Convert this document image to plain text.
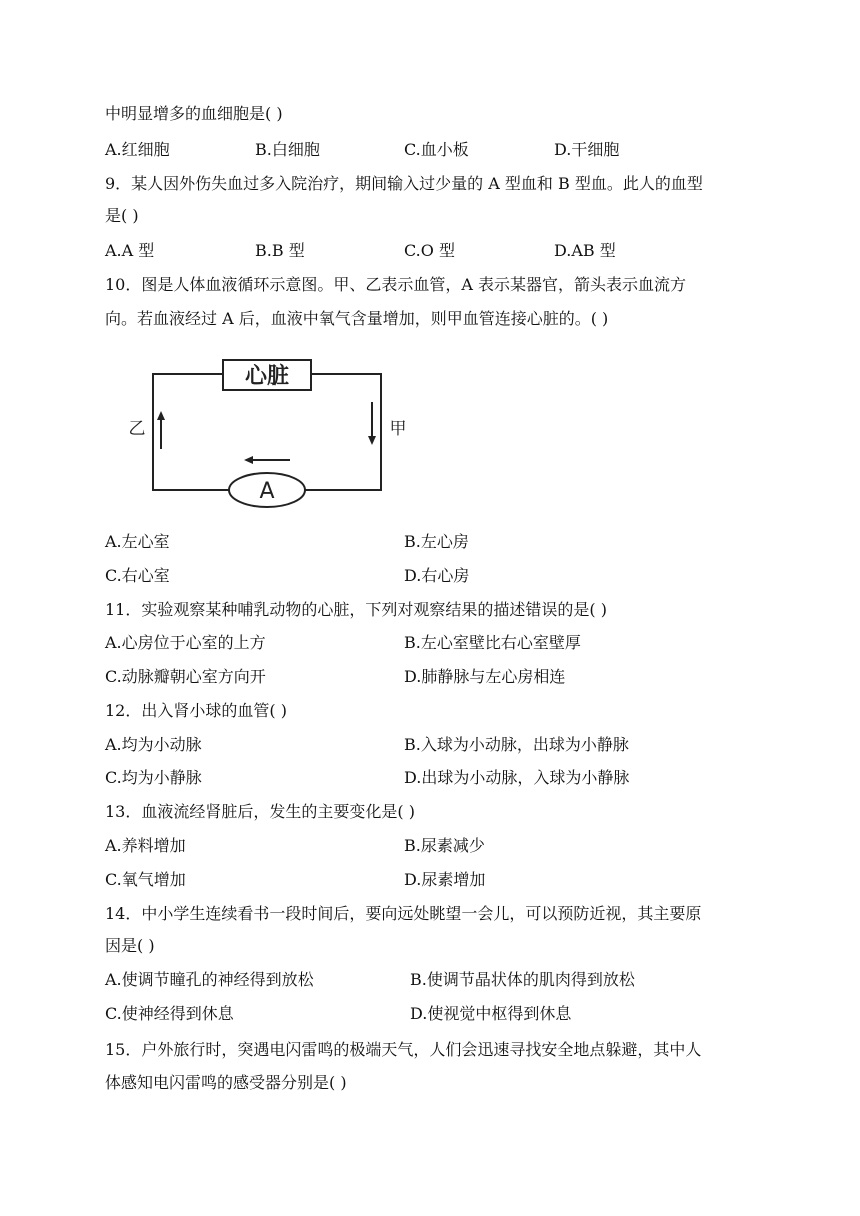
中明显增多的血细胞是( )
A.红细胞	B.白细胞	C.血小板	D.干细胞
9．某人因外伤失血过多入院治疗，期间输入过少量的 A 型血和 B 型血。此人的血型
是( )
A.A 型	B.B 型	C.O 型	D.AB 型
10．图是人体血液循环示意图。甲、乙表示血管，A 表示某器官，箭头表示血流方
向。若血液经过 A 后，血液中氧气含量增加，则甲血管连接心脏的。( )
心脏
A
乙	甲
A.左心室	B.左心房
C.右心室	D.右心房
11．实验观察某种哺乳动物的心脏，下列对观察结果的描述错误的是( )
A.心房位于心室的上方	B.左心室壁比右心室壁厚
C.动脉瓣朝心室方向开	D.肺静脉与左心房相连
12．出入肾小球的血管( )
A.均为小动脉	B.入球为小动脉，出球为小静脉
C.均为小静脉	D.出球为小动脉，入球为小静脉
13．血液流经肾脏后，发生的主要变化是( )
A.养料增加	B.尿素减少
C.氧气增加	D.尿素增加
14．中小学生连续看书一段时间后，要向远处眺望一会儿，可以预防近视，其主要原
因是( )
A.使调节瞳孔的神经得到放松	B.使调节晶状体的肌肉得到放松
C.使神经得到休息	D.使视觉中枢得到休息
15．户外旅行时，突遇电闪雷鸣的极端天气，人们会迅速寻找安全地点躲避，其中人
体感知电闪雷鸣的感受器分别是( )
